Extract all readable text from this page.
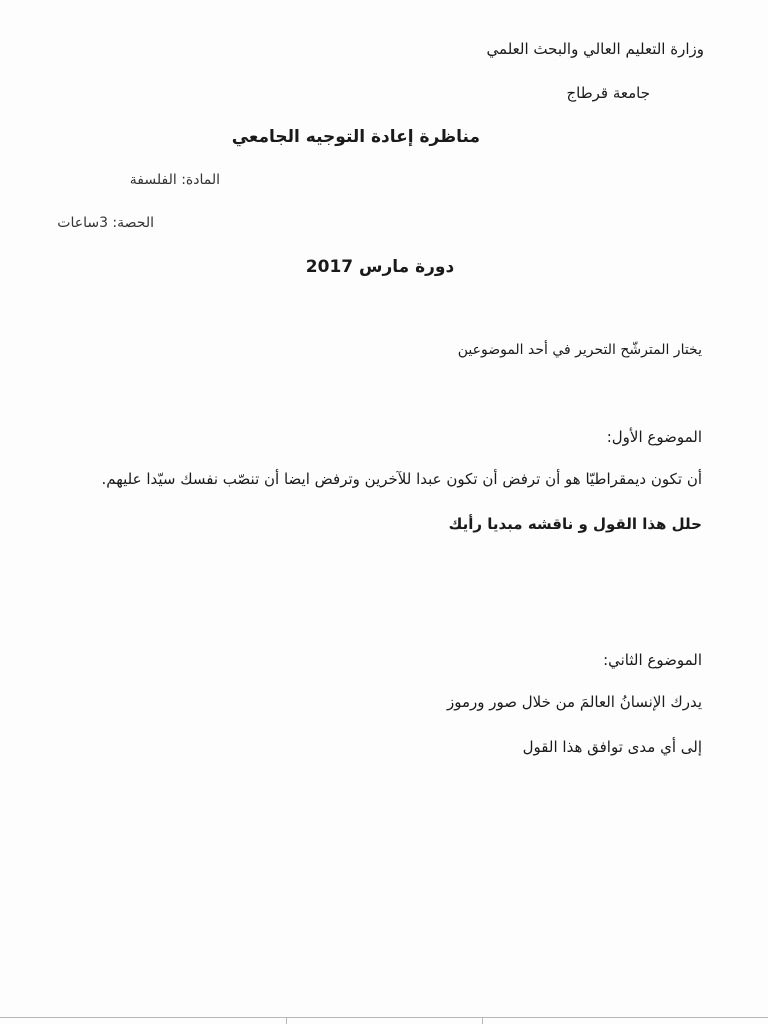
وزارة التعليم العالي والبحث العلمي
جامعة قرطاج
مناظرة إعادة التوجيه الجامعي
المادة: الفلسفة
الحصة: 3ساعات
دورة مارس 2017
يختار المترشّح التحرير في أحد الموضوعين
الموضوع الأول:
أن تكون ديمقراطيّا هو أن ترفض أن تكون عبدا للآخرين وترفض ايضا أن تنصّب نفسك سيّدا عليهم.
حلل هذا القول و ناقشه مبديا رأيك
الموضوع الثاني:
يدرك الإنسانُ العالمَ من خلال صور ورموز
إلى أي مدى توافق هذا القول
